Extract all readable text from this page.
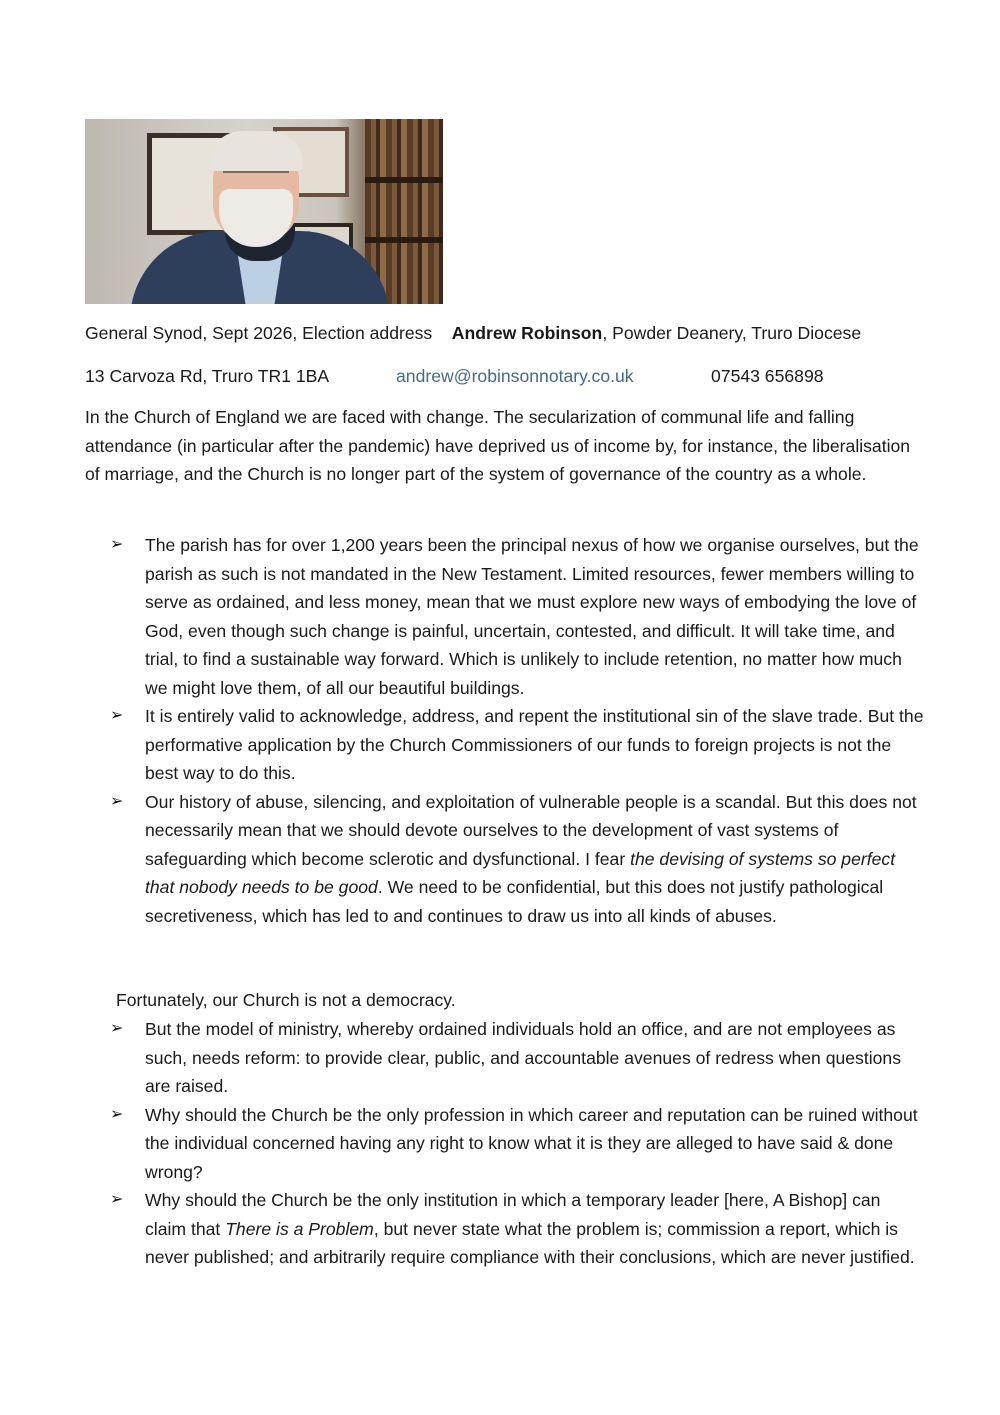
General Synod, Sept 2026, Election address Andrew Robinson, Powder Deanery, Truro Diocese
13 Carvoza Rd, Truro TR1 1BA	andrew@robinsonnotary.co.uk	07543 656898

In the Church of England we are faced with change. The secularization of communal life and falling attendance (in particular after the pandemic) have deprived us of income by, for instance, the liberalisation of marriage, and the Church is no longer part of the system of governance of the country as a whole.

➢ The parish has for over 1,200 years been the principal nexus of how we organise ourselves, but the parish as such is not mandated in the New Testament. Limited resources, fewer members willing to serve as ordained, and less money, mean that we must explore new ways of embodying the love of God, even though such change is painful, uncertain, contested, and difficult. It will take time, and trial, to find a sustainable way forward. Which is unlikely to include retention, no matter how much we might love them, of all our beautiful buildings.
➢ It is entirely valid to acknowledge, address, and repent the institutional sin of the slave trade. But the performative application by the Church Commissioners of our funds to foreign projects is not the best way to do this.
➢ Our history of abuse, silencing, and exploitation of vulnerable people is a scandal. But this does not necessarily mean that we should devote ourselves to the development of vast systems of safeguarding which become sclerotic and dysfunctional. I fear the devising of systems so perfect that nobody needs to be good. We need to be confidential, but this does not justify pathological secretiveness, which has led to and continues to draw us into all kinds of abuses.
Fortunately, our Church is not a democracy.
➢ But the model of ministry, whereby ordained individuals hold an office, and are not employees as such, needs reform: to provide clear, public, and accountable avenues of redress when questions are raised.
➢ Why should the Church be the only profession in which career and reputation can be ruined without the individual concerned having any right to know what it is they are alleged to have said & done wrong?
➢ Why should the Church be the only institution in which a temporary leader [here, A Bishop] can claim that There is a Problem, but never state what the problem is; commission a report, which is never published; and arbitrarily require compliance with their conclusions, which are never justified.
